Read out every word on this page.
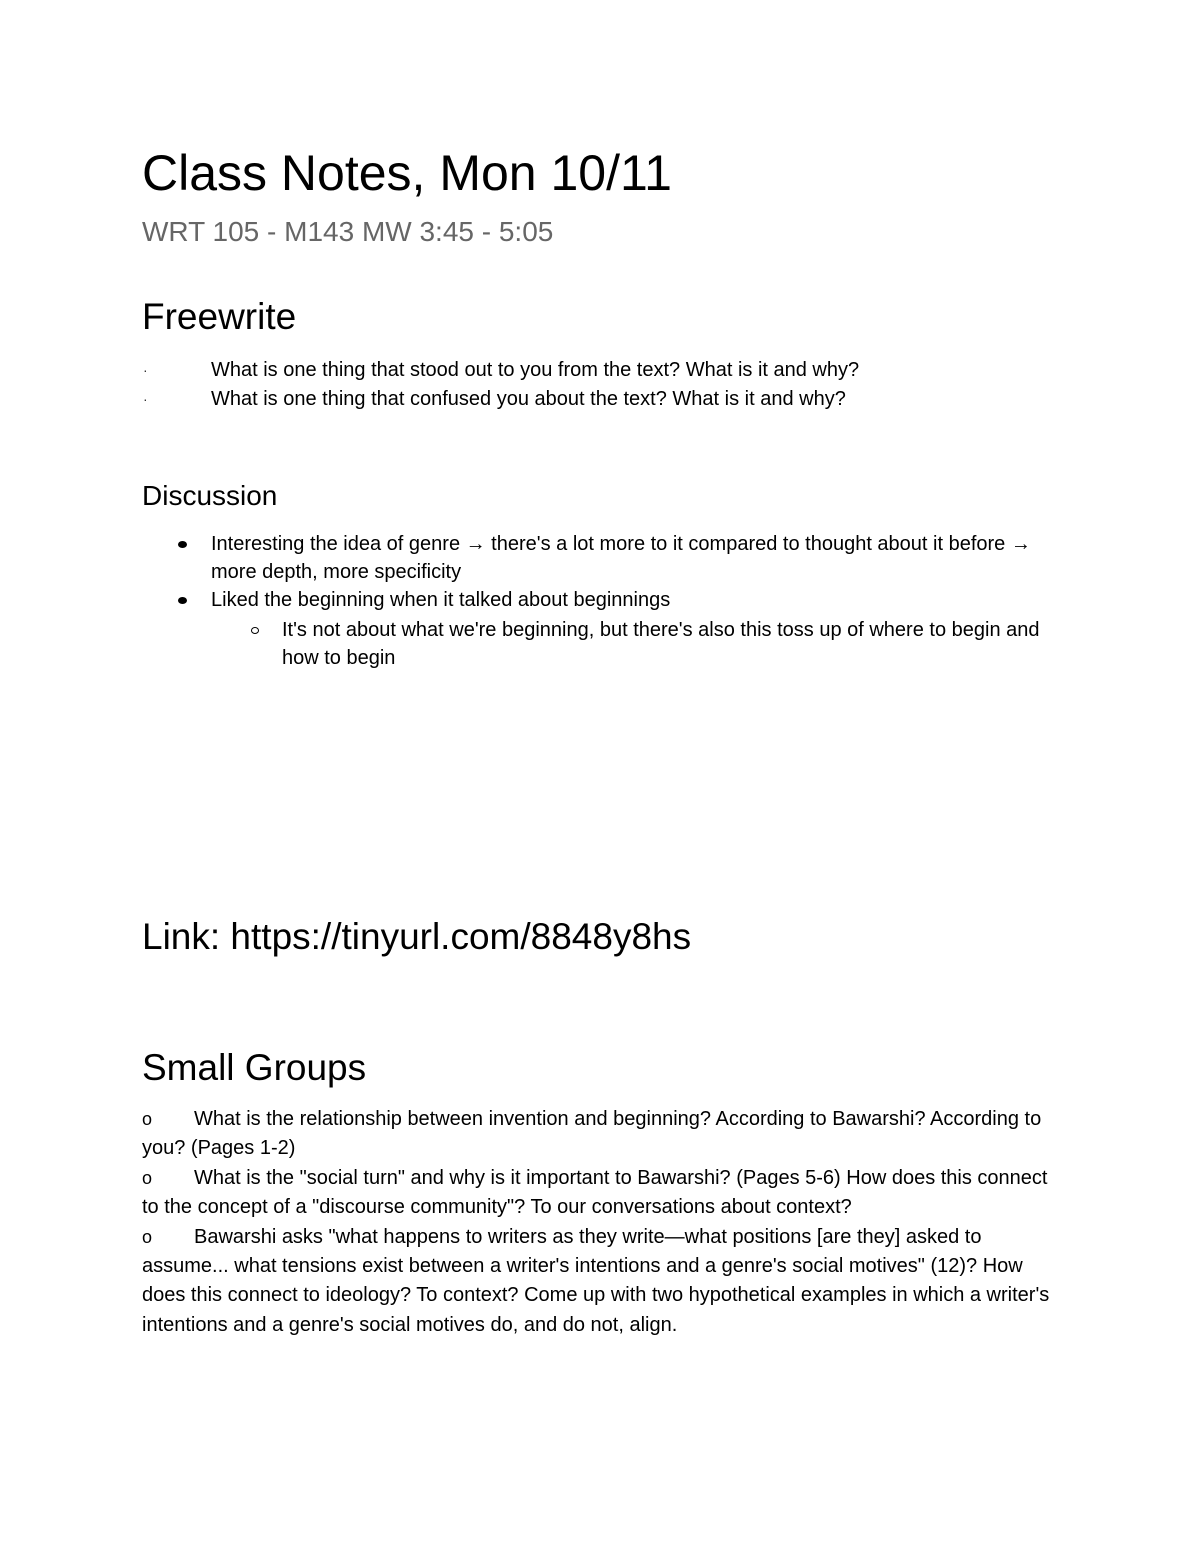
Class Notes, Mon 10/11
WRT 105 - M143 MW 3:45 - 5:05
Freewrite
·	What is one thing that stood out to you from the text? What is it and why?
·	What is one thing that confused you about the text? What is it and why?
Discussion
Interesting the idea of genre → there's a lot more to it compared to thought about it before → more depth, more specificity
Liked the beginning when it talked about beginnings
It's not about what we're beginning, but there's also this toss up of where to begin and how to begin
Link: https://tinyurl.com/8848y8hs
Small Groups
o What is the relationship between invention and beginning? According to Bawarshi? According to you? (Pages 1-2)
o What is the "social turn" and why is it important to Bawarshi? (Pages 5-6) How does this connect to the concept of a "discourse community"? To our conversations about context?
o Bawarshi asks "what happens to writers as they write—what positions [are they] asked to assume... what tensions exist between a writer's intentions and a genre's social motives" (12)? How does this connect to ideology? To context? Come up with two hypothetical examples in which a writer's intentions and a genre's social motives do, and do not, align.
